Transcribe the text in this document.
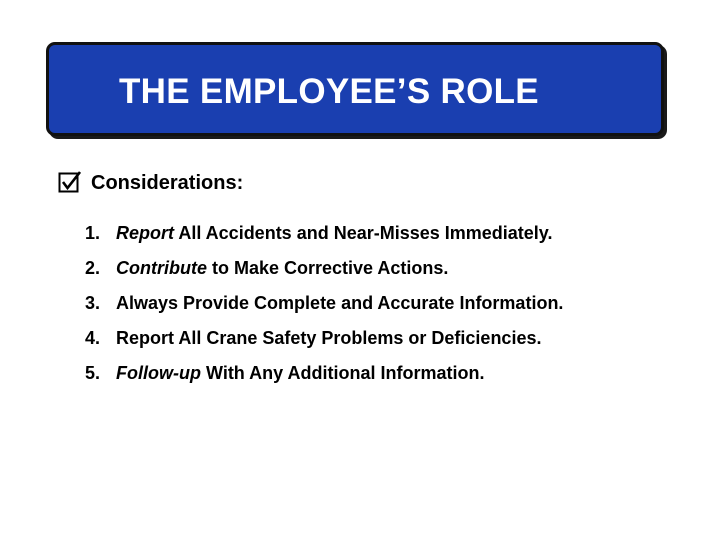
THE EMPLOYEE’S ROLE
Considerations:
1. Report All Accidents and Near-Misses Immediately.
2. Contribute to Make Corrective Actions.
3. Always Provide Complete and Accurate Information.
4. Report All Crane Safety Problems or Deficiencies.
5. Follow-up With Any Additional Information.
